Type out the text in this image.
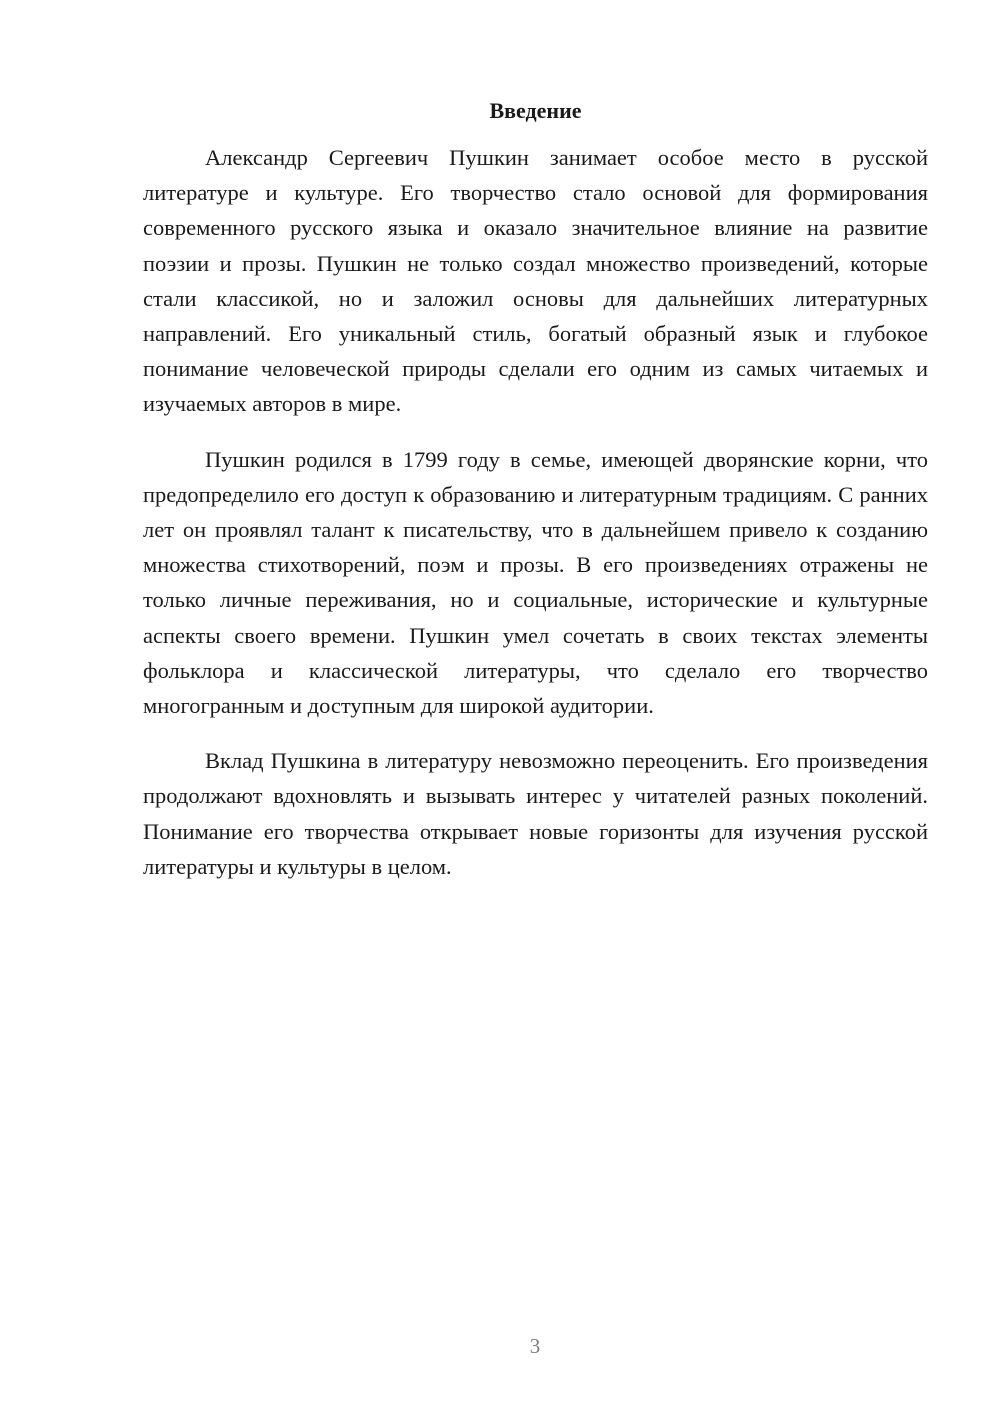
Введение

Александр Сергеевич Пушкин занимает особое место в русской литературе и культуре. Его творчество стало основой для формирования современного русского языка и оказало значительное влияние на развитие поэзии и прозы. Пушкин не только создал множество произведений, которые стали классикой, но и заложил основы для дальнейших литературных направлений. Его уникальный стиль, богатый образный язык и глубокое понимание человеческой природы сделали его одним из самых читаемых и изучаемых авторов в мире.

Пушкин родился в 1799 году в семье, имеющей дворянские корни, что предопределило его доступ к образованию и литературным традициям. С ранних лет он проявлял талант к писательству, что в дальнейшем привело к созданию множества стихотворений, поэм и прозы. В его произведениях отражены не только личные переживания, но и социальные, исторические и культурные аспекты своего времени. Пушкин умел сочетать в своих текстах элементы фольклора и классической литературы, что сделало его творчество многогранным и доступным для широкой аудитории.

Вклад Пушкина в литературу невозможно переоценить. Его произведения продолжают вдохновлять и вызывать интерес у читателей разных поколений. Понимание его творчества открывает новые горизонты для изучения русской литературы и культуры в целом.

3
